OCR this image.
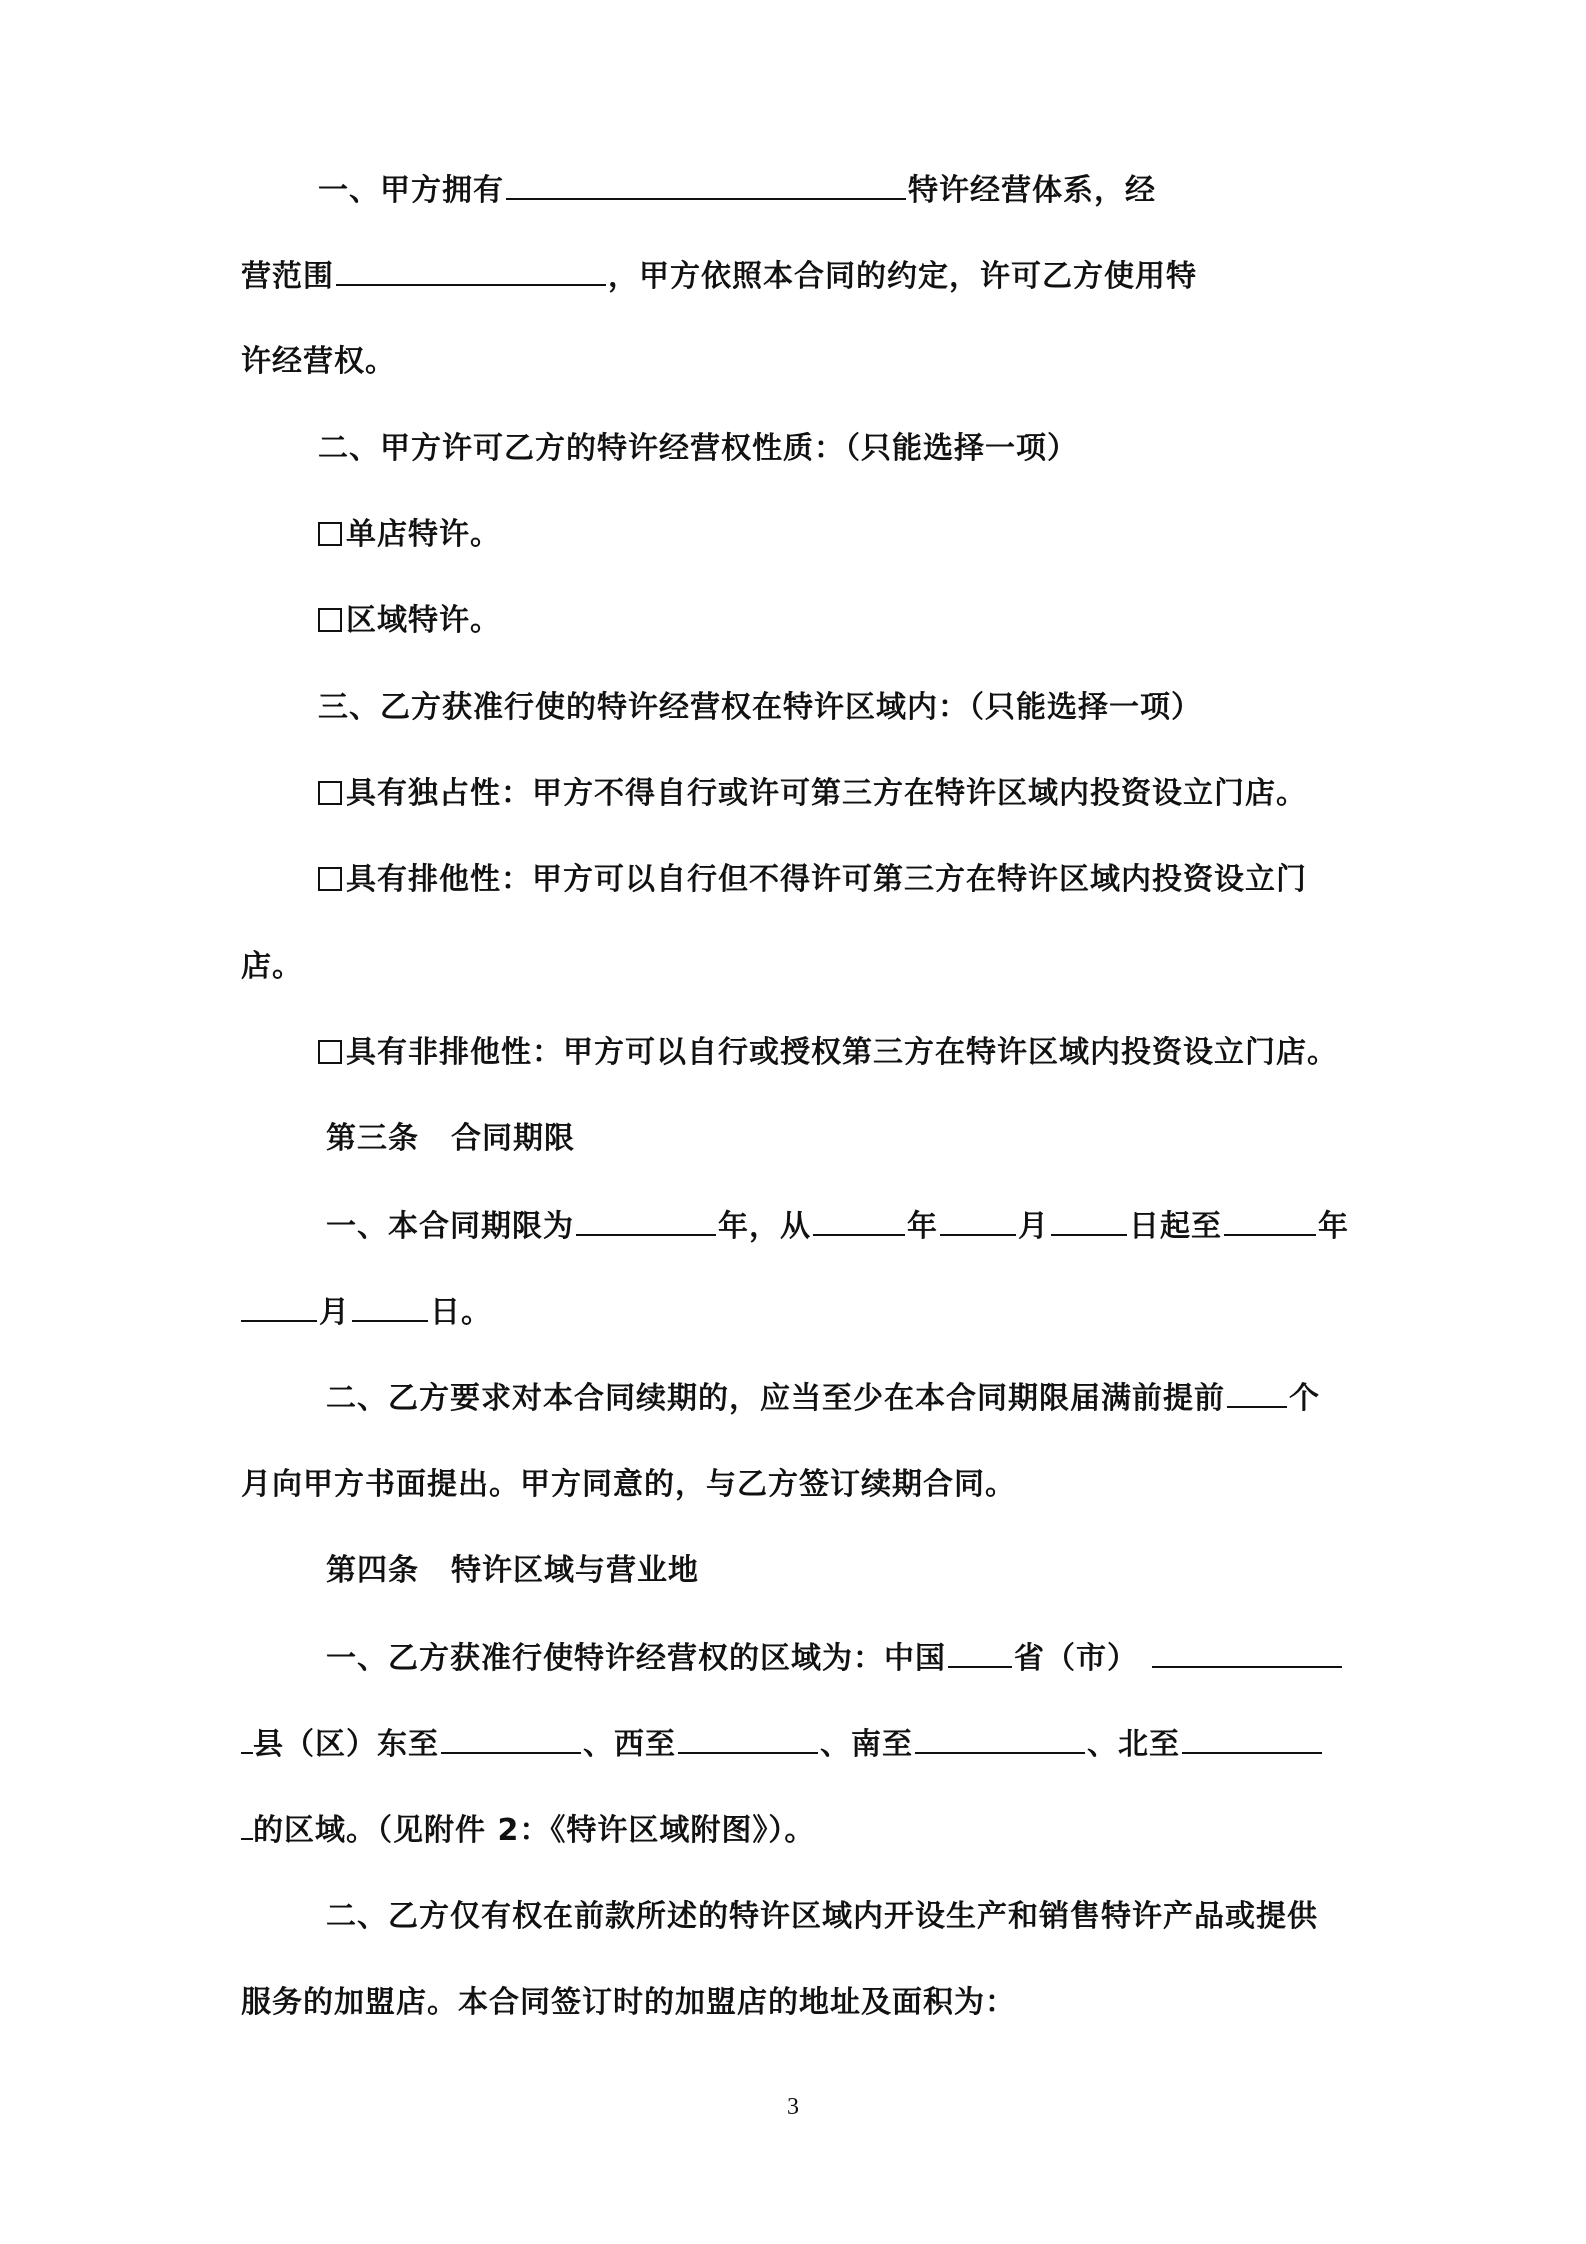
一、甲方拥有	特许经营体系，经
营范围	，甲方依照本合同的约定，许可乙方使用特
许经营权。
二、甲方许可乙方的特许经营权性质：（只能选择一项）
单店特许。
区域特许。
三、乙方获准行使的特许经营权在特许区域内：（只能选择一项）
具有独占性：甲方不得自行或许可第三方在特许区域内投资设立门店。
具有排他性：甲方可以自行但不得许可第三方在特许区域内投资设立门
店。
具有非排他性：甲方可以自行或授权第三方在特许区域内投资设立门店。
第三条 合同期限
一、本合同期限为	年，从	年	月	日起至	年
月	日。
二、乙方要求对本合同续期的，应当至少在本合同期限届满前提前 个
月向甲方书面提出。甲方同意的，与乙方签订续期合同。
第四条 特许区域与营业地
一、乙方获准行使特许经营权的区域为：中国 省（市）
县（区）东至	、西至	、南至	、北至
的区域。（见附件 2：《特许区域附图》）。
二、乙方仅有权在前款所述的特许区域内开设生产和销售特许产品或提供
服务的加盟店。本合同签订时的加盟店的地址及面积为：
3
